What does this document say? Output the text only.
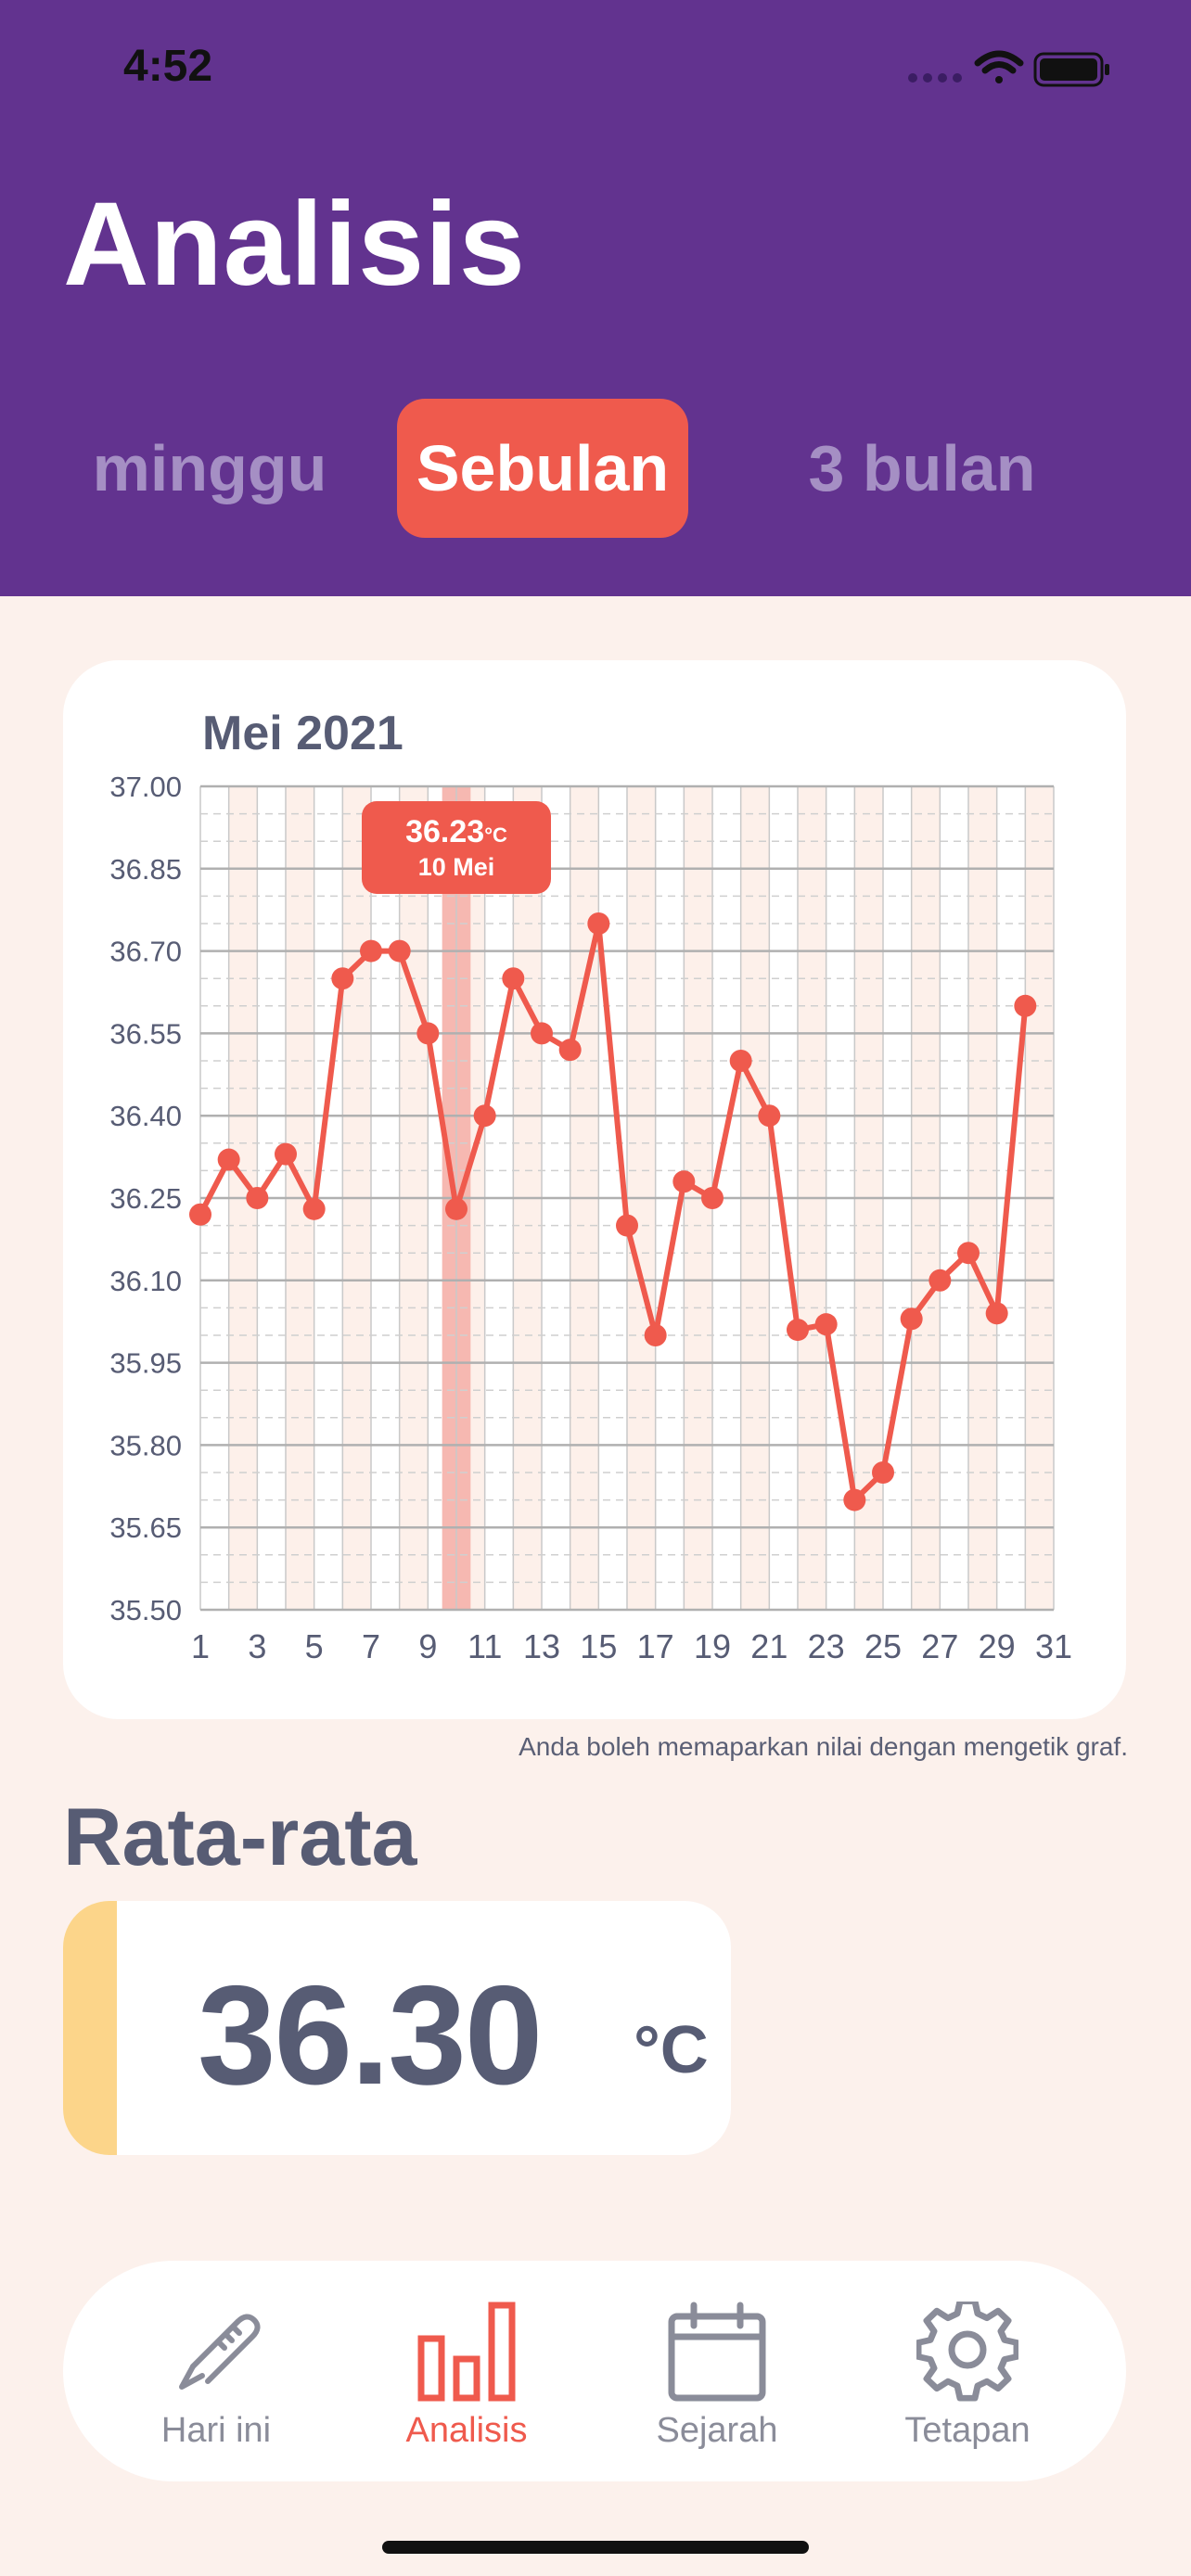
4:52
Analisis
minggu	Sebulan	3 bulan
Mei 2021
37.00
36.85
36.70
36.55
36.40
36.25
36.10
35.95
35.80
35.65
35.50
1 3 5 7 9 11 13 15 17 19 21 23 25 27 29 31
36.23°C
10 Mei
Anda boleh memaparkan nilai dengan mengetik graf.
Rata-rata
36.30 °C
Hari ini	Analisis	Sejarah	Tetapan
